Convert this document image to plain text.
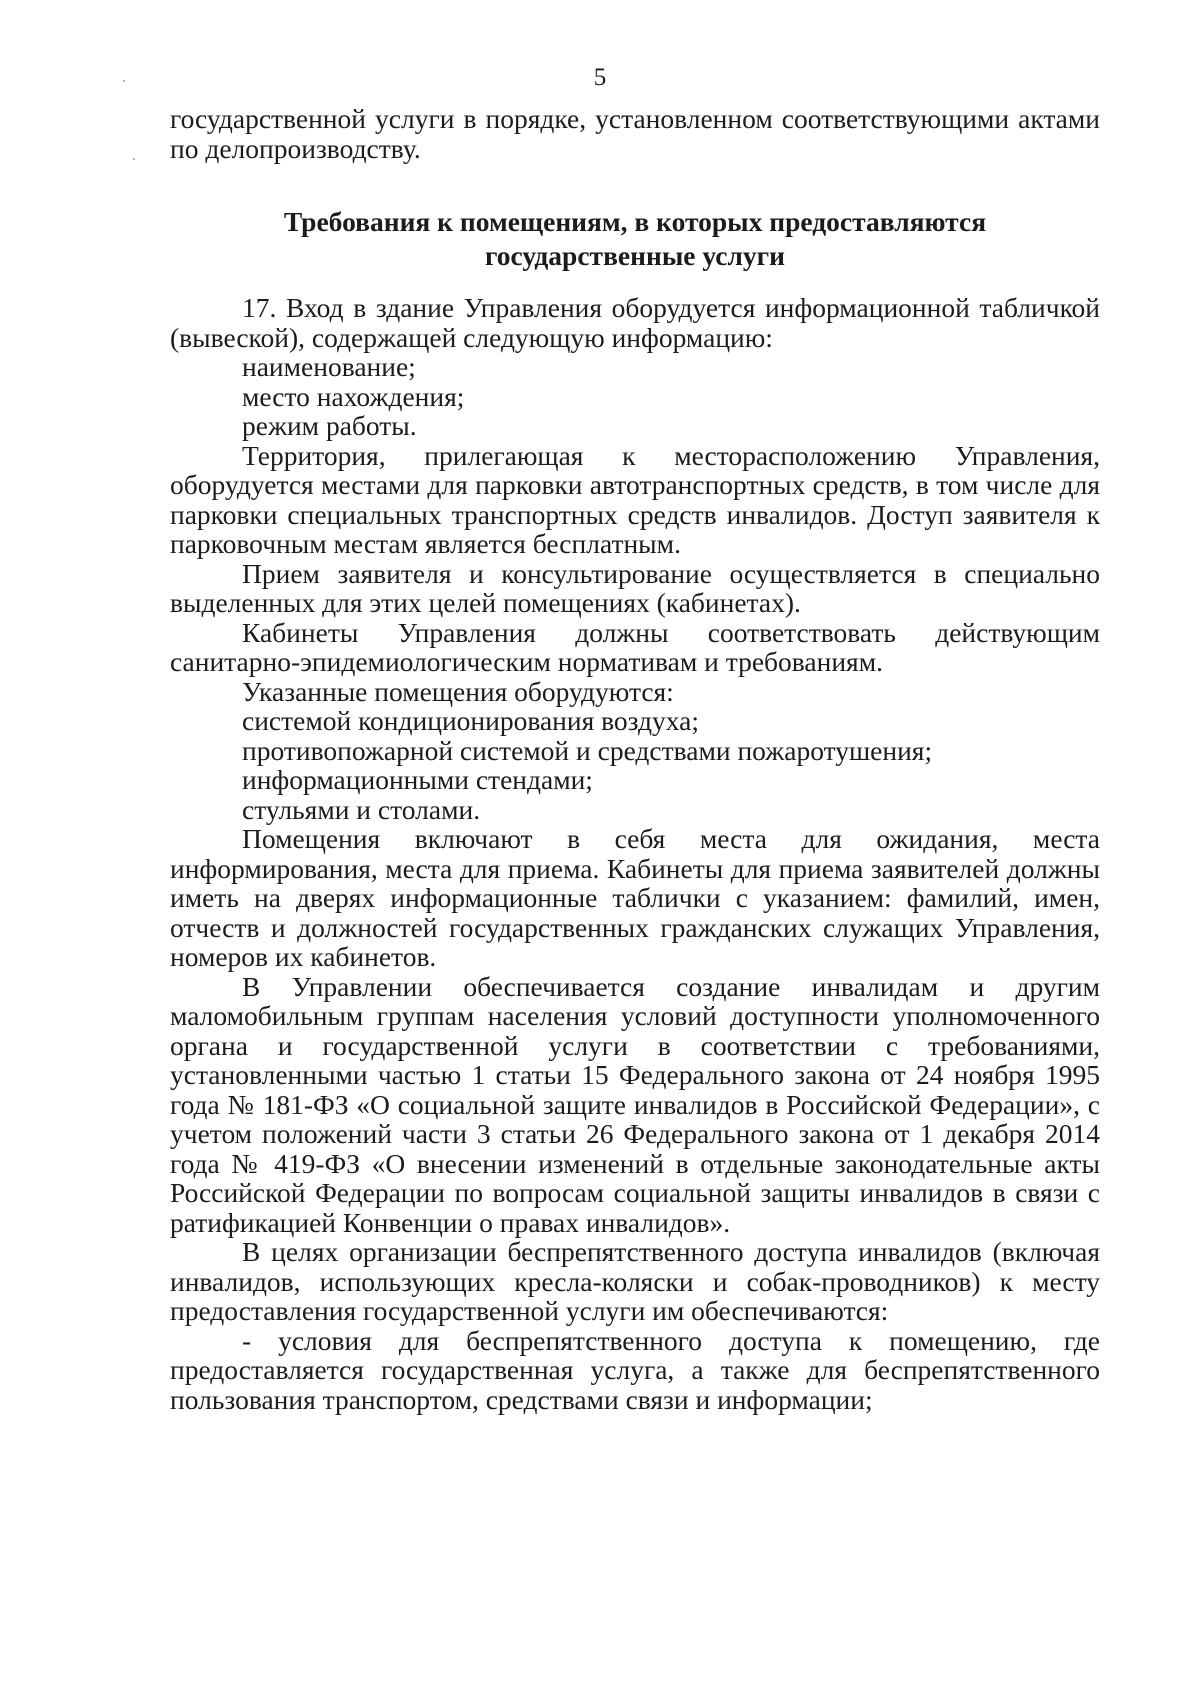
5

государственной услуги в порядке, установленном соответствующими актами по делопроизводству.

Требования к помещениям, в которых предоставляются государственные услуги

17. Вход в здание Управления оборудуется информационной табличкой (вывеской), содержащей следующую информацию:

наименование;

место нахождения;

режим работы.

Территория, прилегающая к месторасположению Управления, оборудуется местами для парковки автотранспортных средств, в том числе для парковки специальных транспортных средств инвалидов. Доступ заявителя к парковочным местам является бесплатным.

Прием заявителя и консультирование осуществляется в специально выделенных для этих целей помещениях (кабинетах).

Кабинеты Управления должны соответствовать действующим санитарно-эпидемиологическим нормативам и требованиям.

Указанные помещения оборудуются:

системой кондиционирования воздуха;

противопожарной системой и средствами пожаротушения;

информационными стендами;

стульями и столами.

Помещения включают в себя места для ожидания, места информирования, места для приема. Кабинеты для приема заявителей должны иметь на дверях информационные таблички с указанием: фамилий, имен, отчеств и должностей государственных гражданских служащих Управления, номеров их кабинетов.

В Управлении обеспечивается создание инвалидам и другим маломобильным группам населения условий доступности уполномоченного органа и государственной услуги в соответствии с требованиями, установленными частью 1 статьи 15 Федерального закона от 24 ноября 1995 года № 181-ФЗ «О социальной защите инвалидов в Российской Федерации», с учетом положений части 3 статьи 26 Федерального закона от 1 декабря 2014 года № 419-ФЗ «О внесении изменений в отдельные законодательные акты Российской Федерации по вопросам социальной защиты инвалидов в связи с ратификацией Конвенции о правах инвалидов».

В целях организации беспрепятственного доступа инвалидов (включая инвалидов, использующих кресла-коляски и собак-проводников) к месту предоставления государственной услуги им обеспечиваются:

- условия для беспрепятственного доступа к помещению, где предоставляется государственная услуга, а также для беспрепятственного пользования транспортом, средствами связи и информации;
